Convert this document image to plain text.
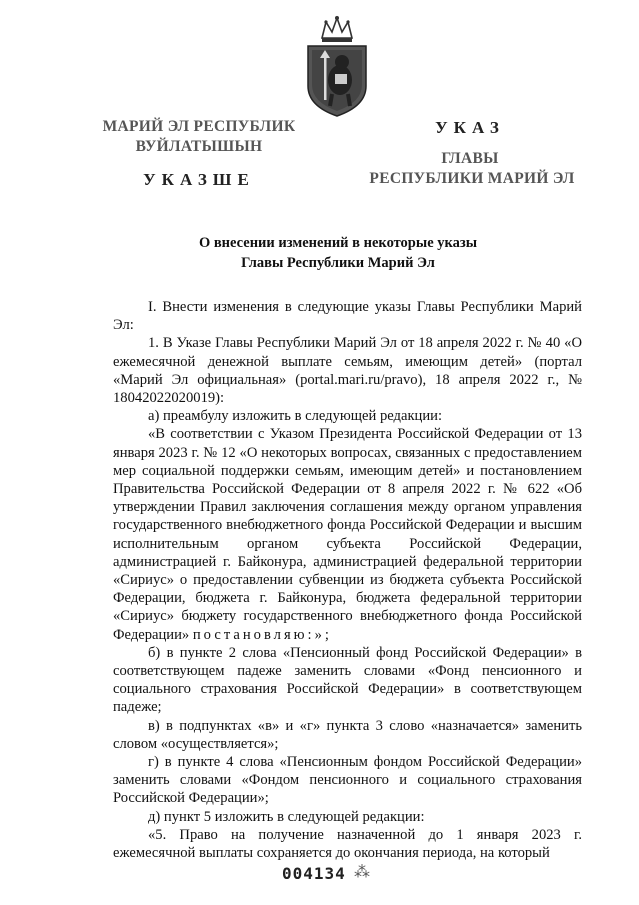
МАРИЙ ЭЛ РЕСПУБЛИК
ВУЙЛАТЫШЫН
УКАЗШЕ
УКАЗ
ГЛАВЫ
РЕСПУБЛИКИ МАРИЙ ЭЛ
О внесении изменений в некоторые указы
Главы Республики Марий Эл

I. Внести изменения в следующие указы Главы Республики Марий Эл:

1. В Указе Главы Республики Марий Эл от 18 апреля 2022 г. № 40 «О ежемесячной денежной выплате семьям, имеющим детей» (портал «Марий Эл официальная» (portal.mari.ru/pravo), 18 апреля 2022 г., № 18042022020019):

а) преамбулу изложить в следующей редакции:

«В соответствии с Указом Президента Российской Федерации от 13 января 2023 г. № 12 «О некоторых вопросах, связанных с предоставлением мер социальной поддержки семьям, имеющим детей» и постановлением Правительства Российской Федерации от 8 апреля 2022 г. № 622 «Об утверждении Правил заключения соглашения между органом управления государственного внебюджетного фонда Российской Федерации и высшим исполнительным органом субъекта Российской Федерации, администрацией г. Байконура, администрацией федеральной территории «Сириус» о предоставлении субвенции из бюджета субъекта Российской Федерации, бюджета г. Байконура, бюджета федеральной территории «Сириус» бюджету государственного внебюджетного фонда Российской Федерации» постановляю:»;

б) в пункте 2 слова «Пенсионный фонд Российской Федерации» в соответствующем падеже заменить словами «Фонд пенсионного и социального страхования Российской Федерации» в соответствующем падеже;

в) в подпунктах «в» и «г» пункта 3 слово «назначается» заменить словом «осуществляется»;

г) в пункте 4 слова «Пенсионным фондом Российской Федерации» заменить словами «Фондом пенсионного и социального страхования Российской Федерации»;

д) пункт 5 изложить в следующей редакции:

«5. Право на получение назначенной до 1 января 2023 г. ежемесячной выплаты сохраняется до окончания периода, на который

004134 ⁂
